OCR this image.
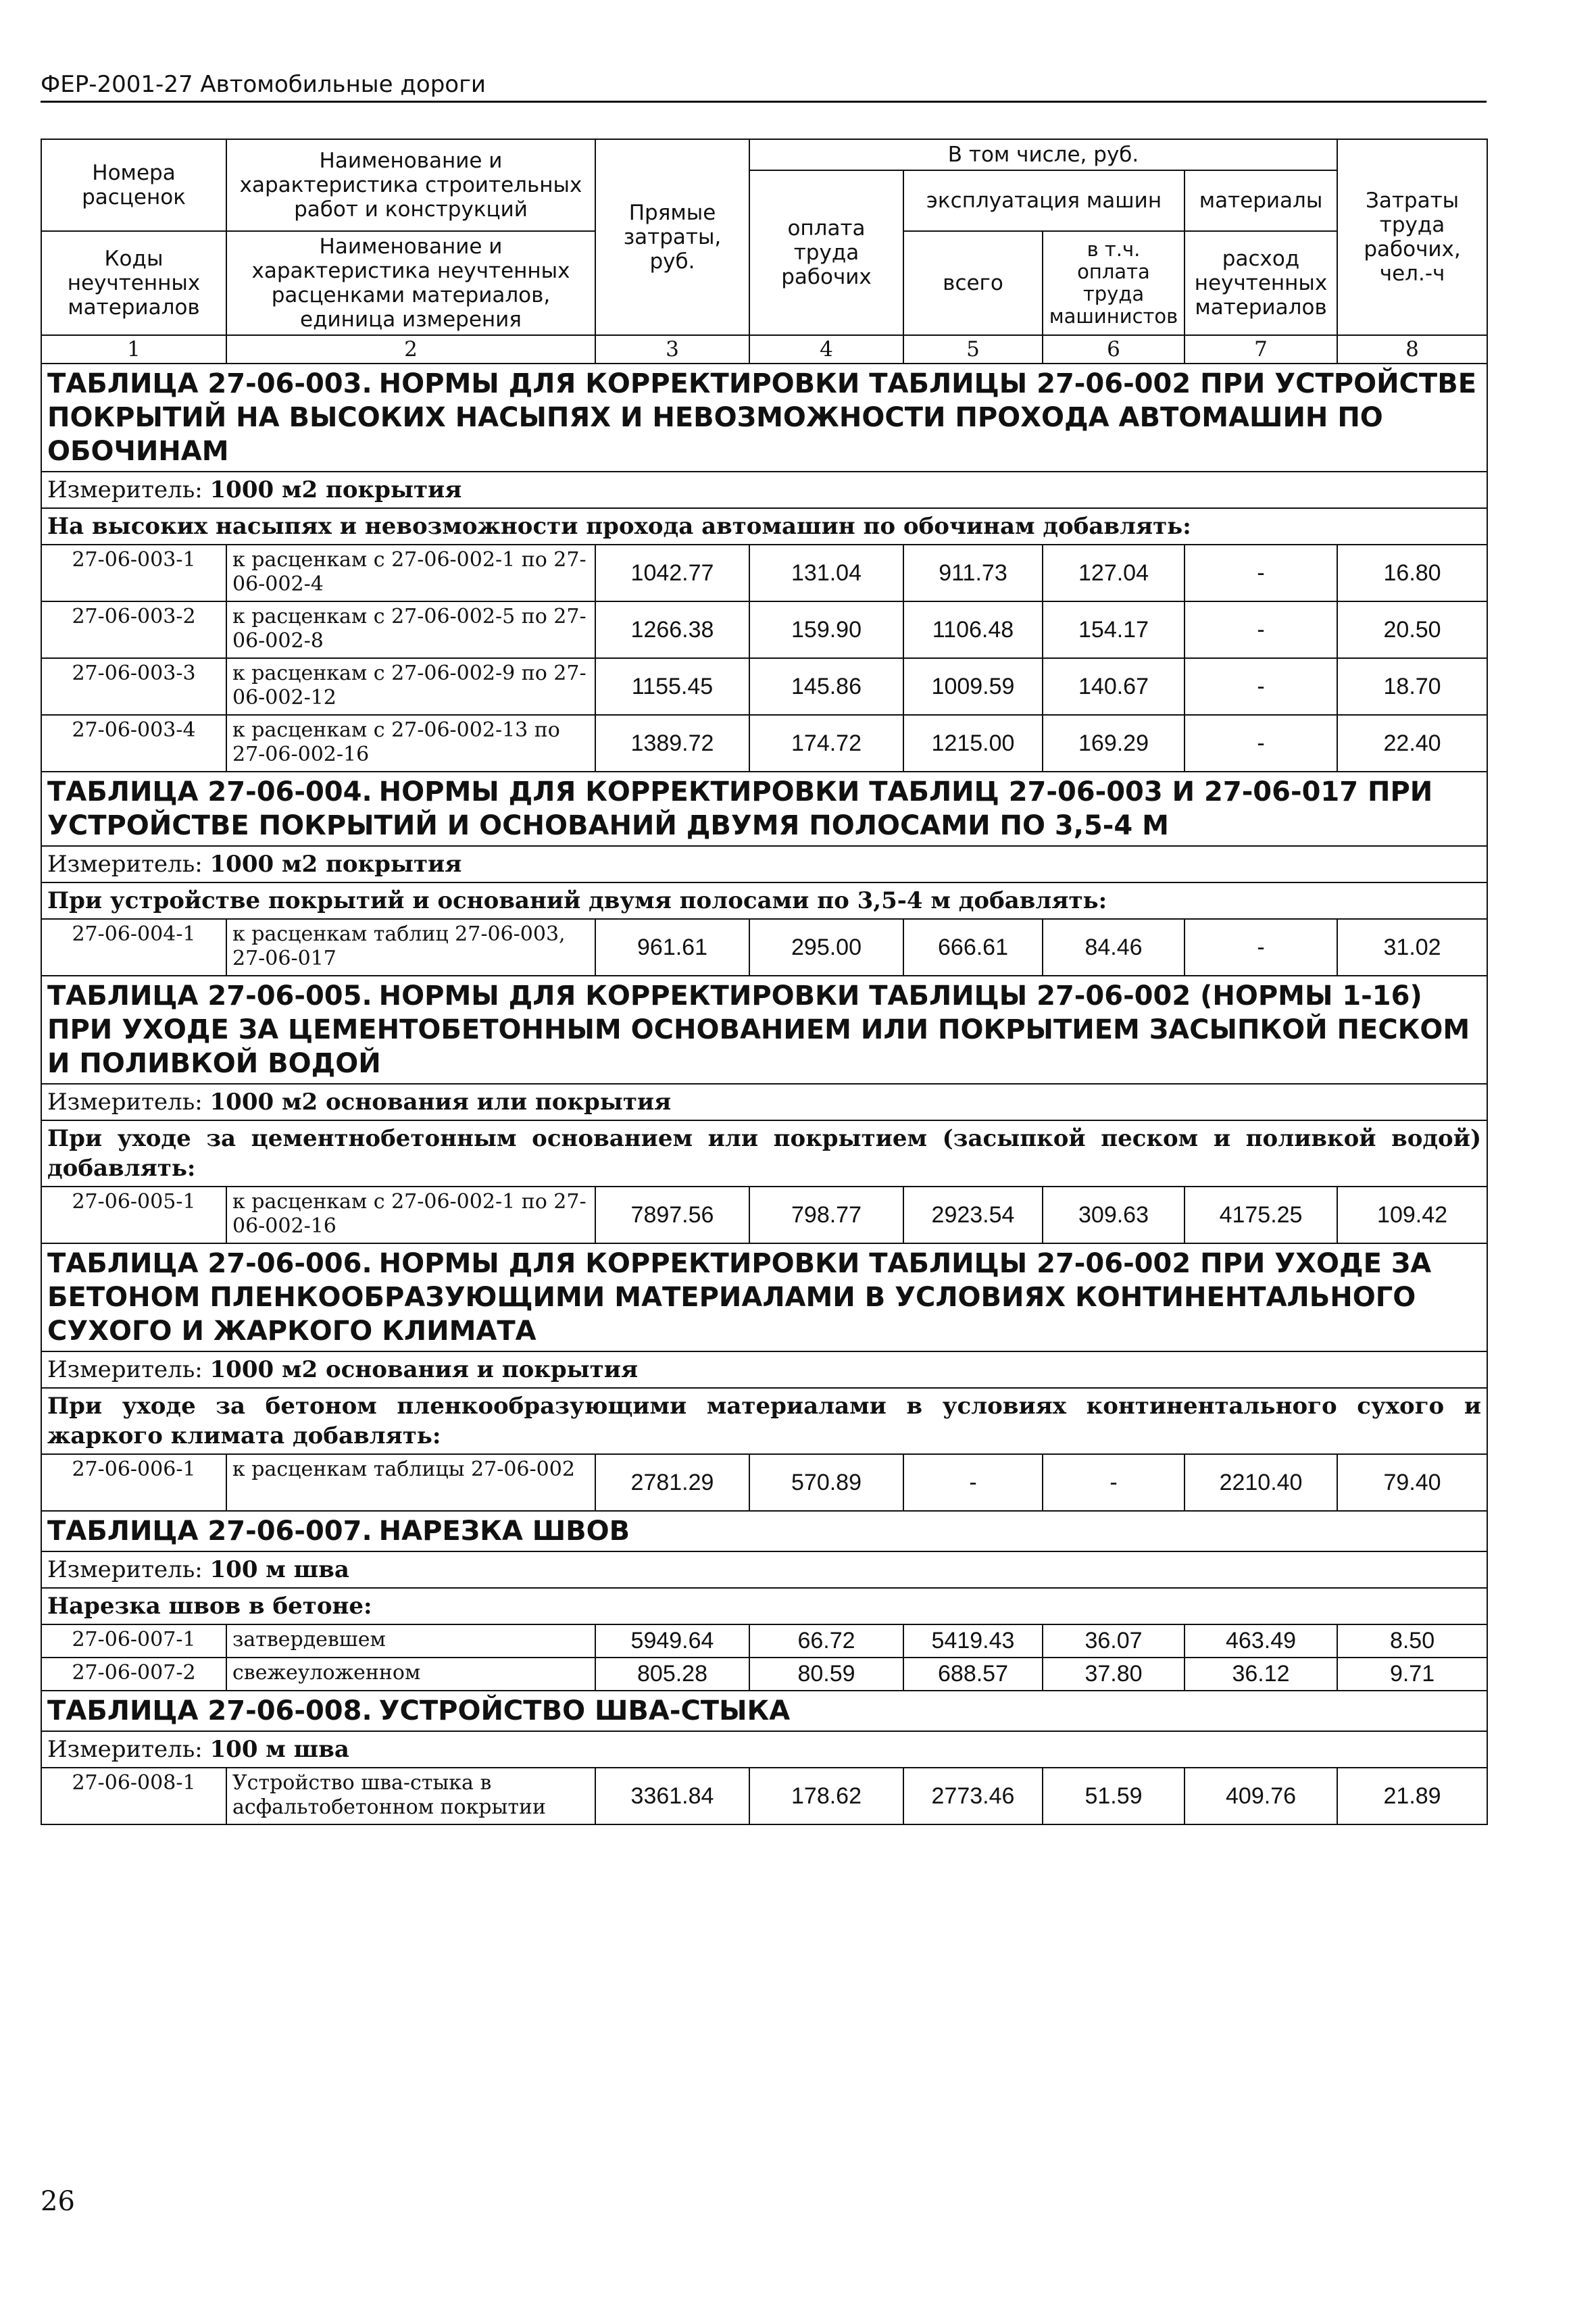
ФЕР-2001-27 Автомобильные дороги
Номера расценок	Наименование и характеристика строительных работ и конструкций	Прямые затраты, руб.	В том числе, руб.				Затраты труда рабочих, чел.-ч
			оплата труда рабочих	эксплуатация машин		материалы	
Коды неучтенных материалов	Наименование и характеристика неучтенных расценками материалов, единица измерения			всего	в т.ч. оплата труда машинистов	расход неучтенных материалов	

1	2	3	4	5	6	7	8
ТАБЛИЦА 27-06-003. НОРМЫ ДЛЯ КОРРЕКТИРОВКИ ТАБЛИЦЫ 27-06-002 ПРИ УСТРОЙСТВЕ ПОКРЫТИЙ НА ВЫСОКИХ НАСЫПЯХ И НЕВОЗМОЖНОСТИ ПРОХОДА АВТОМАШИН ПО ОБОЧИНАМ							
Измеритель: 1000 м2 покрытия							
На высоких насыпях и невозможности прохода автомашин по обочинам добавлять:							
27-06-003-1	к расценкам с 27-06-002-1 по 27-06-002-4	1042.77	131.04	911.73	127.04	-	16.80
27-06-003-2	к расценкам с 27-06-002-5 по 27-06-002-8	1266.38	159.90	1106.48	154.17	-	20.50
27-06-003-3	к расценкам с 27-06-002-9 по 27-06-002-12	1155.45	145.86	1009.59	140.67	-	18.70
27-06-003-4	к расценкам с 27-06-002-13 по 27-06-002-16	1389.72	174.72	1215.00	169.29	-	22.40
ТАБЛИЦА 27-06-004. НОРМЫ ДЛЯ КОРРЕКТИРОВКИ ТАБЛИЦ 27-06-003 И 27-06-017 ПРИ УСТРОЙСТВЕ ПОКРЫТИЙ И ОСНОВАНИЙ ДВУМЯ ПОЛОСАМИ ПО 3,5-4 М							
Измеритель: 1000 м2 покрытия							
При устройстве покрытий и оснований двумя полосами по 3,5-4 м добавлять:							
27-06-004-1	к расценкам таблиц 27-06-003, 27-06-017	961.61	295.00	666.61	84.46	-	31.02
ТАБЛИЦА 27-06-005. НОРМЫ ДЛЯ КОРРЕКТИРОВКИ ТАБЛИЦЫ 27-06-002 (НОРМЫ 1-16) ПРИ УХОДЕ ЗА ЦЕМЕНТОБЕТОННЫМ ОСНОВАНИЕМ ИЛИ ПОКРЫТИЕМ ЗАСЫПКОЙ ПЕСКОМ И ПОЛИВКОЙ ВОДОЙ							
Измеритель: 1000 м2 основания или покрытия							
При уходе за цементнобетонным основанием или покрытием (засыпкой песком и поливкой водой) добавлять:							
27-06-005-1	к расценкам с 27-06-002-1 по 27-06-002-16	7897.56	798.77	2923.54	309.63	4175.25	109.42
ТАБЛИЦА 27-06-006. НОРМЫ ДЛЯ КОРРЕКТИРОВКИ ТАБЛИЦЫ 27-06-002 ПРИ УХОДЕ ЗА БЕТОНОМ ПЛЕНКООБРАЗУЮЩИМИ МАТЕРИАЛАМИ В УСЛОВИЯХ КОНТИНЕНТАЛЬНОГО СУХОГО И ЖАРКОГО КЛИМАТА							
Измеритель: 1000 м2 основания и покрытия							
При уходе за бетоном пленкообразующими материалами в условиях континентального сухого и жаркого климата добавлять:							
27-06-006-1	к расценкам таблицы 27-06-002	2781.29	570.89	-	-	2210.40	79.40
ТАБЛИЦА 27-06-007. НАРЕЗКА ШВОВ							
Измеритель: 100 м шва							
Нарезка швов в бетоне:							
27-06-007-1	затвердевшем	5949.64	66.72	5419.43	36.07	463.49	8.50
27-06-007-2	свежеуложенном	805.28	80.59	688.57	37.80	36.12	9.71
ТАБЛИЦА 27-06-008. УСТРОЙСТВО ШВА-СТЫКА							
Измеритель: 100 м шва							
27-06-008-1	Устройство шва-стыка в асфальтобетонном покрытии	3361.84	178.62	2773.46	51.59	409.76	21.89
26
